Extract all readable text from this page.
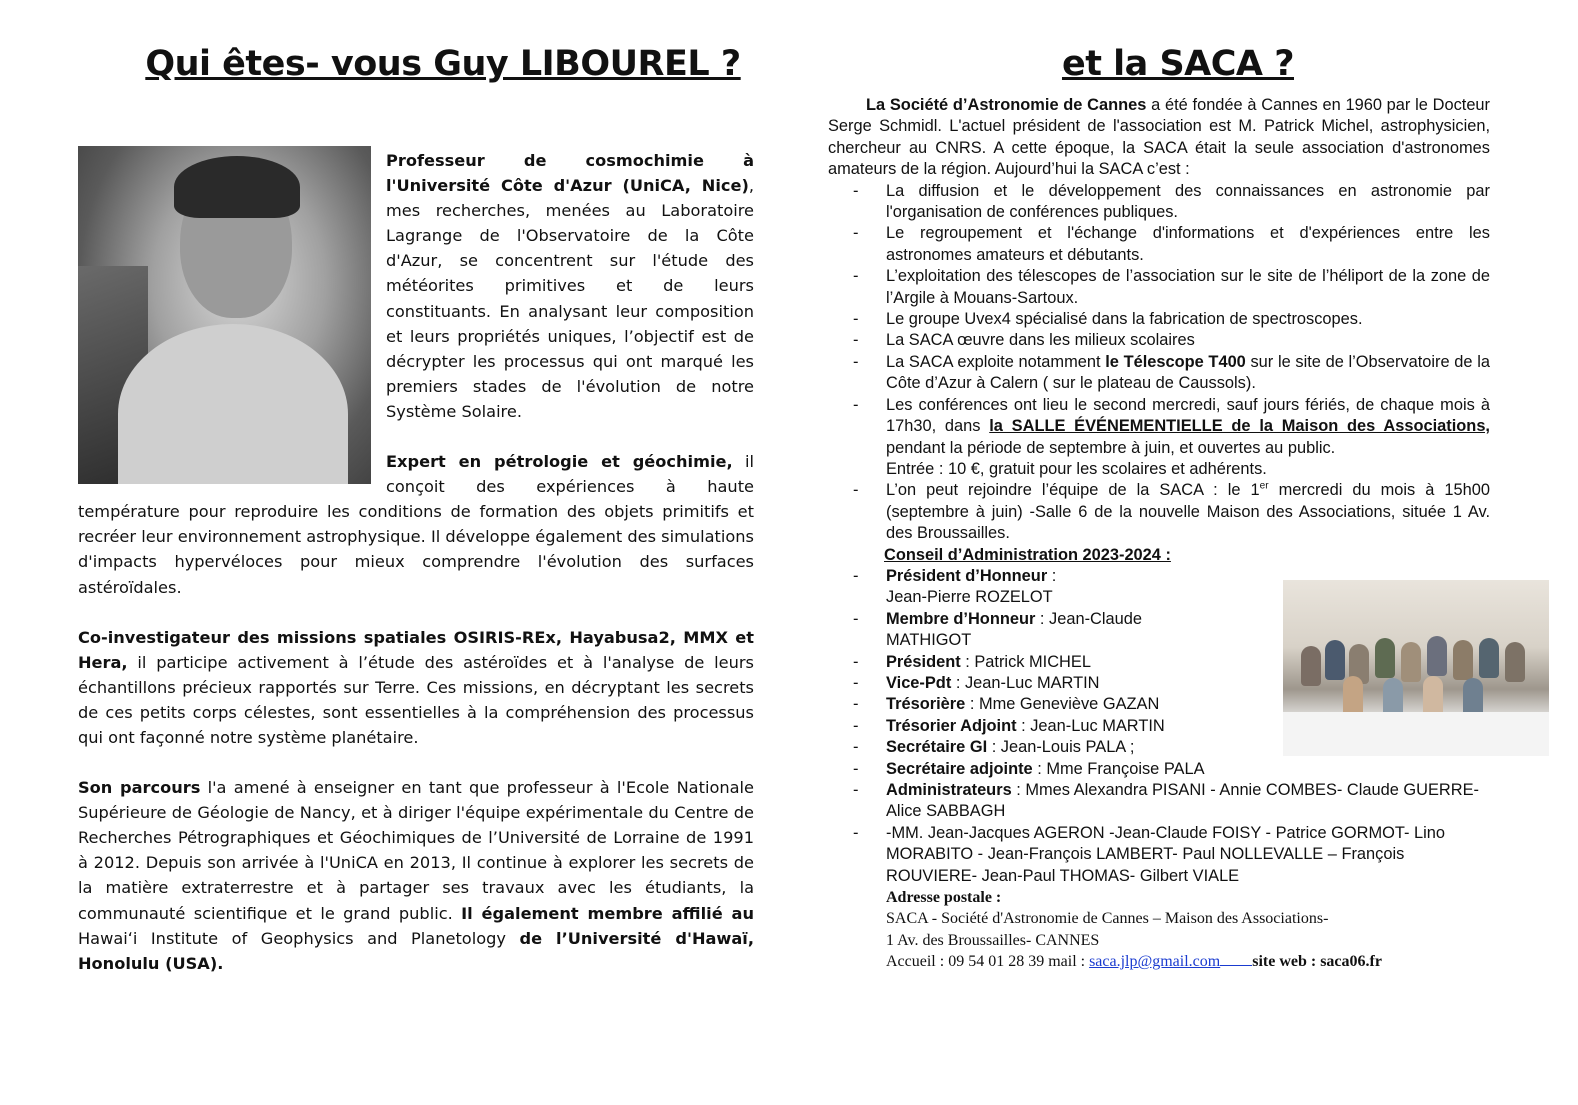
Qui êtes- vous Guy LIBOUREL ?

Professeur de cosmochimie à l'Université Côte d'Azur (UniCA, Nice), mes recherches, menées au Laboratoire Lagrange de l'Observatoire de la Côte d'Azur, se concentrent sur l'étude des météorites primitives et de leurs constituants. En analysant leur composition et leurs propriétés uniques, l’objectif est de décrypter les processus qui ont marqué les premiers stades de l'évolution de notre Système Solaire.

Expert en pétrologie et géochimie, il conçoit des expériences à haute température pour reproduire les conditions de formation des objets primitifs et recréer leur environnement astrophysique. Il développe également des simulations d'impacts hypervéloces pour mieux comprendre l'évolution des surfaces astéroïdales.

Co-investigateur des missions spatiales OSIRIS-REx, Hayabusa2, MMX et Hera, il participe activement à l’étude des astéroïdes et à l'analyse de leurs échantillons précieux rapportés sur Terre. Ces missions, en décryptant les secrets de ces petits corps célestes, sont essentielles à la compréhension des processus qui ont façonné notre système planétaire.

Son parcours l'a amené à enseigner en tant que professeur à l'Ecole Nationale Supérieure de Géologie de Nancy, et à diriger l'équipe expérimentale du Centre de Recherches Pétrographiques et Géochimiques de l’Université de Lorraine de 1991 à 2012. Depuis son arrivée à l'UniCA en 2013, Il continue à explorer les secrets de la matière extraterrestre et à partager ses travaux avec les étudiants, la communauté scientifique et le grand public. Il également membre affilié au Hawaiʻi Institute of Geophysics and Planetology de l’Université d'Hawaï, Honolulu (USA).

et la SACA ?

La Société d’Astronomie de Cannes a été fondée à Cannes en 1960 par le Docteur Serge Schmidl. L'actuel président de l'association est M. Patrick Michel, astrophysicien, chercheur au CNRS. A cette époque, la SACA était la seule association d'astronomes amateurs de la région. Aujourd’hui la SACA c’est :

- La diffusion et le développement des connaissances en astronomie par l'organisation de conférences publiques.
- Le regroupement et l'échange d'informations et d'expériences entre les astronomes amateurs et débutants.
- L’exploitation des télescopes de l’association sur le site de l’héliport de la zone de l’Argile à Mouans-Sartoux.
- Le groupe Uvex4 spécialisé dans la fabrication de spectroscopes.
- La SACA œuvre dans les milieux scolaires
- La SACA exploite notamment le Télescope T400 sur le site de l’Observatoire de la Côte d’Azur à Calern ( sur le plateau de Caussols).
- Les conférences ont lieu le second mercredi, sauf jours fériés, de chaque mois à 17h30, dans la SALLE ÉVÉNEMENTIELLE de la Maison des Associations, pendant la période de septembre à juin, et ouvertes au public.
Entrée : 10 €, gratuit pour les scolaires et adhérents.
- L’on peut rejoindre l’équipe de la SACA : le 1er mercredi du mois à 15h00 (septembre à juin) -Salle 6 de la nouvelle Maison des Associations, située 1 Av. des Broussailles.
Conseil d’Administration 2023-2024 :
- Président d’Honneur :
Jean-Pierre ROZELOT
- Membre d’Honneur : Jean-Claude
MATHIGOT
- Président : Patrick MICHEL
- Vice-Pdt : Jean-Luc MARTIN
- Trésorière : Mme Geneviève GAZAN
- Trésorier Adjoint : Jean-Luc MARTIN
- Secrétaire GI : Jean-Louis PALA ;
- Secrétaire adjointe : Mme Françoise PALA
- Administrateurs : Mmes Alexandra PISANI - Annie COMBES- Claude GUERRE- Alice SABBAGH
- -MM. Jean-Jacques AGERON -Jean-Claude FOISY - Patrice GORMOT- Lino MORABITO - Jean-François LAMBERT- Paul NOLLEVALLE – François ROUVIERE- Jean-Paul THOMAS- Gilbert VIALE
Adresse postale :
SACA - Société d'Astronomie de Cannes – Maison des Associations-
1 Av. des Broussailles- CANNES
Accueil : 09 54 01 28 39 mail : saca.jlp@gmail.com site web : saca06.fr
